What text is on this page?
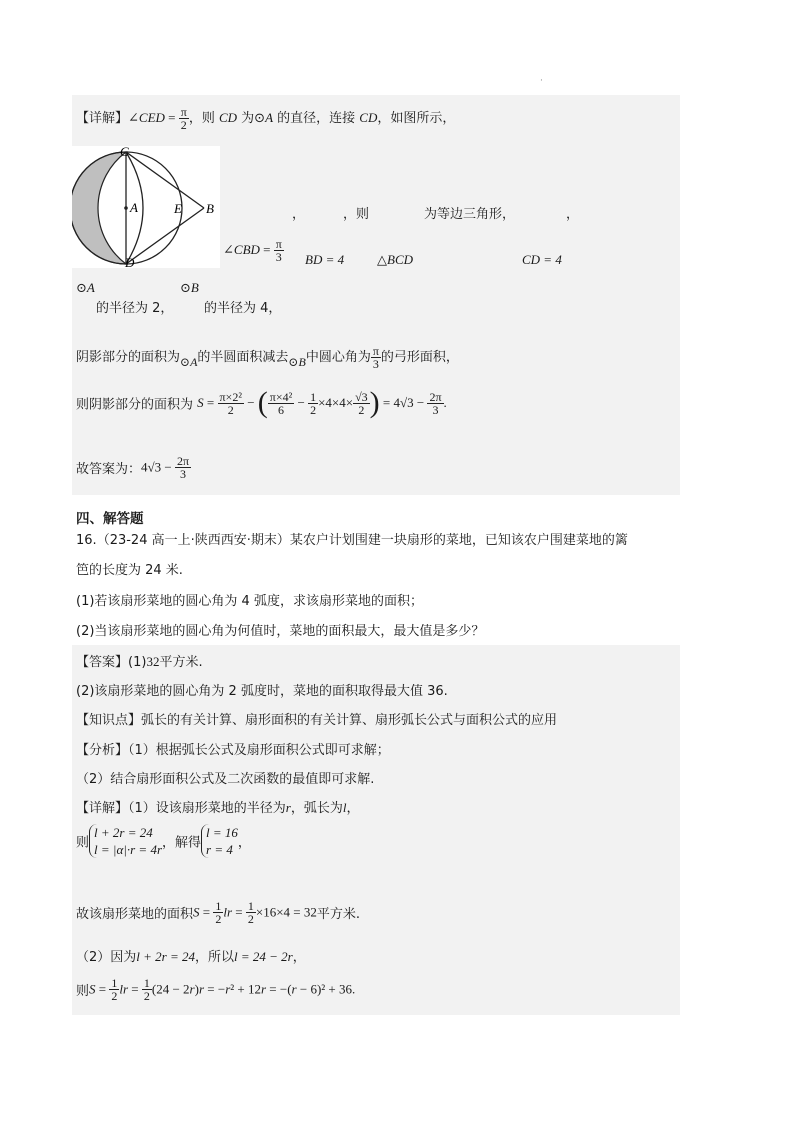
·
【详解】∠CED = $\frac{\pi}{2}$ ，则 CD 为⊙A 的直径，连接 CD，如图所示，
C
A	E B
D
，	，则	为等边三角形，	，
∠CBD = $\frac{\pi}{3}$ BD = 4	△BCD	CD = 4
⊙A	⊙B
的半径为 2， 的半径为 4，
阴影部分的面积为⊙A的半圆面积减去⊙B中圆心角为 $\frac{\pi}{3}$ 的弓形面积，
则阴影部分的面积为 $S = \frac{\text{π×2²}}{2}$ − ( $\frac{\text{π×4²}}{6} - \frac{1}{2} \times 4\times 4\times \frac{√3}{2}$ ) = $4√3 - \frac{2\pi}{3}$ .
故答案为：$4√3 - \frac{2\pi}{3}$
四、解答题
16.（23-24 高一上·陕西西安·期末）某农户计划围建一块扇形的菜地，已知该农户围建菜地的篱
笆的长度为 24 米.
(1)若该扇形菜地的圆心角为 4 弧度，求该扇形菜地的面积；
(2)当该扇形菜地的圆心角为何值时，菜地的面积最大，最大值是多少？
【答案】(1)32平方米.
(2)该扇形菜地的圆心角为 2 弧度时，菜地的面积取得最大值 36.
【知识点】弧长的有关计算、扇形面积的有关计算、扇形弧长公式与面积公式的应用
【分析】（1）根据弧长公式及扇形面积公式即可求解；
（2）结合扇形面积公式及二次函数的最值即可求解.
【详解】（1）设该扇形菜地的半径为r，弧长为l，
则
l + 2r = 24
l = |α|·r = 4r ，解得
l = 16
r = 4 ，
故该扇形菜地的面积$S = \frac{1}{2}$ lr = $\frac{1}{2} \times 16\times 4 = 32$平方米.
（2）因为l + 2r = 24，所以l = 24 − 2r，
则$S = \frac{1}{2}$ lr = $\frac{1}{2} (24 - 2r)r = -r^2 + 12r = -(r - 6)^2 + 36$.
